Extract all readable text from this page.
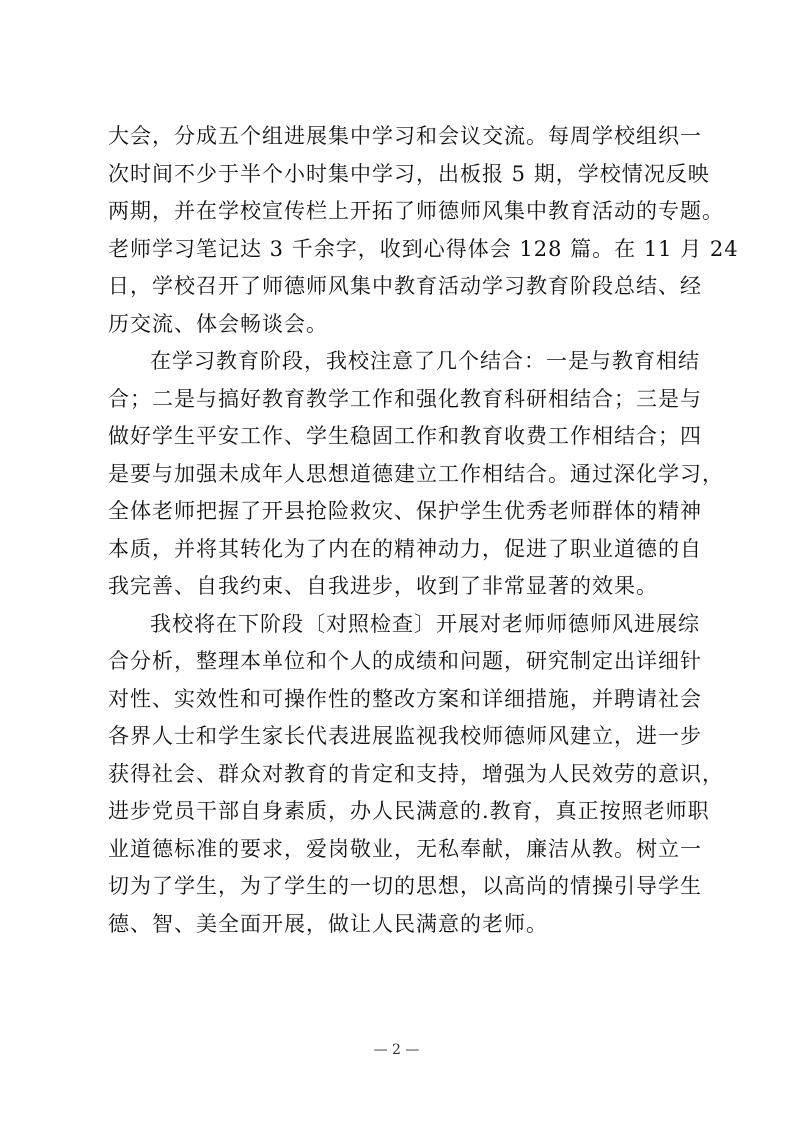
大会，分成五个组进展集中学习和会议交流。每周学校组织一
次时间不少于半个小时集中学习，出板报 5 期，学校情况反映
两期，并在学校宣传栏上开拓了师德师风集中教育活动的专题。
老师学习笔记达 3 千余字，收到心得体会 128 篇。在 11 月 24
日，学校召开了师德师风集中教育活动学习教育阶段总结、经
历交流、体会畅谈会。
在学习教育阶段，我校注意了几个结合：一是与教育相结
合；二是与搞好教育教学工作和强化教育科研相结合；三是与
做好学生平安工作、学生稳固工作和教育收费工作相结合；四
是要与加强未成年人思想道德建立工作相结合。通过深化学习，
全体老师把握了开县抢险救灾、保护学生优秀老师群体的精神
本质，并将其转化为了内在的精神动力，促进了职业道德的自
我完善、自我约束、自我进步，收到了非常显著的效果。
我校将在下阶段〔对照检查〕开展对老师师德师风进展综
合分析，整理本单位和个人的成绩和问题，研究制定出详细针
对性、实效性和可操作性的整改方案和详细措施，并聘请社会
各界人士和学生家长代表进展监视我校师德师风建立，进一步
获得社会、群众对教育的肯定和支持，增强为人民效劳的意识，
进步党员干部自身素质，办人民满意的.教育，真正按照老师职
业道德标准的要求，爱岗敬业，无私奉献，廉洁从教。树立一
切为了学生，为了学生的一切的思想，以高尚的情操引导学生
德、智、美全面开展，做让人民满意的老师。
— 2 —
